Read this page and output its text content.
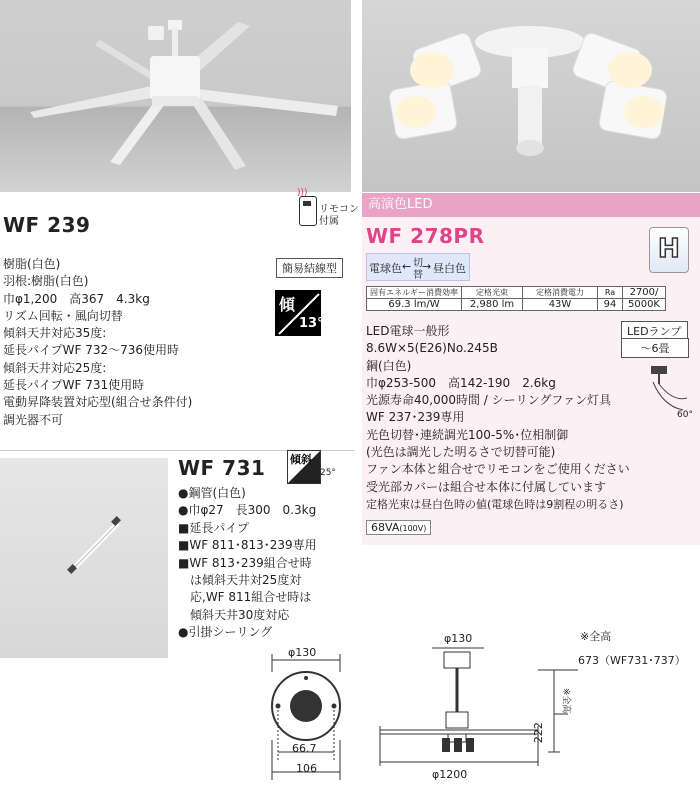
WF 239
)))
リモコン
付属
簡易結線型
傾
13°
樹脂(白色)
羽根:樹脂(白色)
巾φ1,200　高367　4.3kg
リズム回転・風向切替
傾斜天井対応35度:
延長パイプWF 732〜736使用時
傾斜天井対応25度:
延長パイプWF 731使用時
電動昇降装置対応型(組合せ条件付)
調光器不可
WF 731 傾斜
25°
●鋼管(白色)
●巾φ27　長300　0.3kg
■延長パイプ
■WF 811･813･239専用
■WF 813･239組合せ時
　は傾斜天井対25度対
　応,WF 811組合せ時は
　傾斜天井30度対応
●引掛シーリング
高演色LED
WF 278PR	H
電球色 ← 切
替
→ 昼白色
固有エネルギー消費効率	定格光束	定格消費電力	Ra	2700/
69.3 lm/W	2,980 lm	43W	94	5000K
LEDランプ
〜6畳
60°
LED電球一般形
8.6W×5(E26)No.245B
鋼(白色)
巾φ253-500　高142-190　2.6kg
光源寿命40,000時間 / シーリングファン灯具
WF 237･239専用
光色切替･連続調光100-5%･位相制御
(光色は調光した明るさで切替可能)
ファン本体と組合せでリモコンをご使用ください
受光部カバーは組合せ本体に付属しています
定格光束は昼白色時の値(電球色時は9割程の明るさ)
68VA(100V)
φ130
66.7
106
φ130	※全高
673（WF731･737）
222
※全高
φ1200
